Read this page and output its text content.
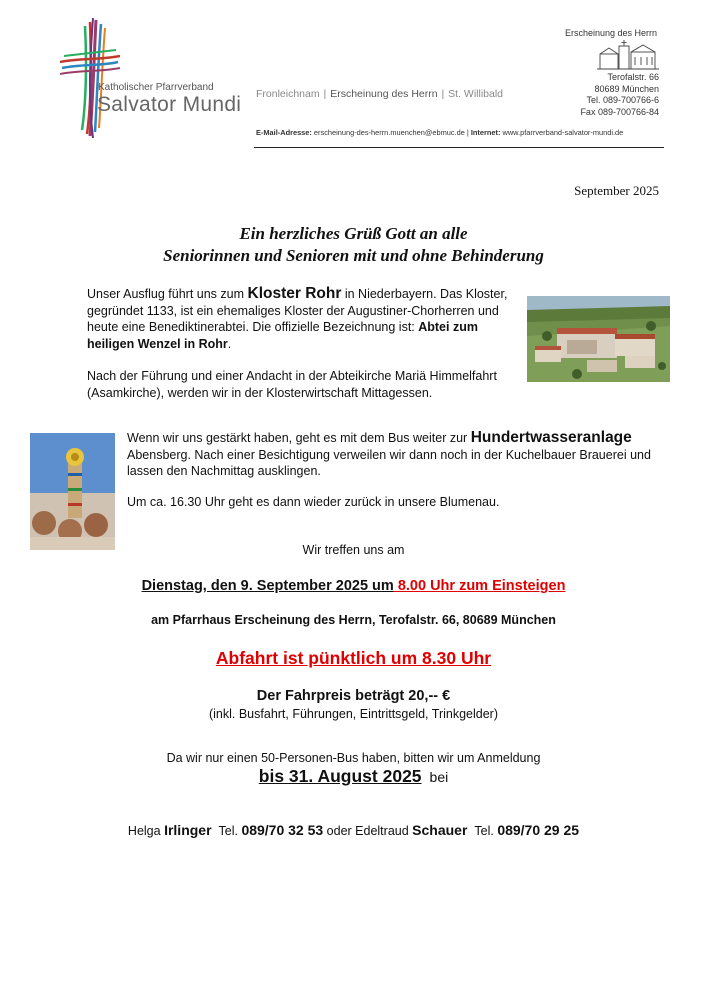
Katholischer Pfarrverband
Salvator Mundi Fronleichnam | Erscheinung des Herrn | St. Willibald
Erscheinung des Herrn
Terofalstr. 66
80689 München
Tel. 089-700766-6
Fax 089-700766-84
E-Mail-Adresse: erscheinung-des-herrn.muenchen@ebmuc.de | Internet: www.pfarrverband-salvator-mundi.de
September 2025
Ein herzliches Grüß Gott an alle
Seniorinnen und Senioren mit und ohne Behinderung
Unser Ausflug führt uns zum Kloster Rohr in Niederbayern. Das Kloster, gegründet 1133, ist ein ehemaliges Kloster der Augustiner-Chorherren und heute eine Benediktinerabtei. Die offizielle Bezeichnung ist: Abtei zum heiligen Wenzel in Rohr.
Nach der Führung und einer Andacht in der Abteikirche Mariä Himmelfahrt (Asamkirche), werden wir in der Klosterwirtschaft Mittagessen.
Wenn wir uns gestärkt haben, geht es mit dem Bus weiter zur Hundertwasseranlage Abensberg. Nach einer Besichtigung verweilen wir dann noch in der Kuchelbauer Brauerei und lassen den Nachmittag ausklingen.
Um ca. 16.30 Uhr geht es dann wieder zurück in unsere Blumenau.
Wir treffen uns am
Dienstag, den 9. September 2025 um 8.00 Uhr zum Einsteigen
am Pfarrhaus Erscheinung des Herrn, Terofalstr. 66, 80689 München
Abfahrt ist pünktlich um 8.30 Uhr
Der Fahrpreis beträgt 20,-- €
(inkl. Busfahrt, Führungen, Eintrittsgeld, Trinkgelder)
Da wir nur einen 50-Personen-Bus haben, bitten wir um Anmeldung
bis 31. August 2025 bei
Helga Irlinger Tel. 089/70 32 53 oder Edeltraud Schauer Tel. 089/70 29 25
